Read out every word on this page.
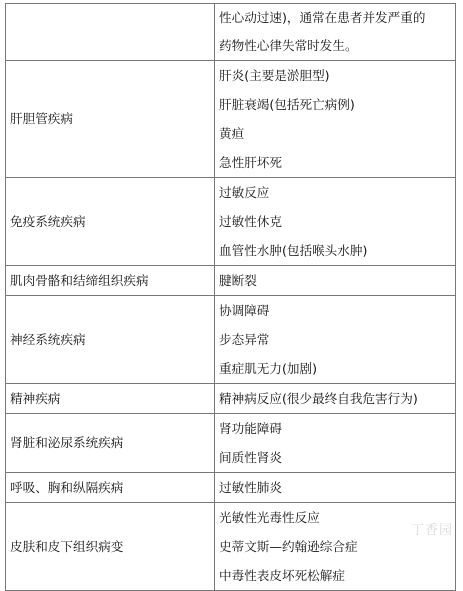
	性心动过速)，通常在患者并发严重的
药物性心律失常时发生。

肝胆管疾病	肝炎(主要是淤胆型)
肝脏衰竭(包括死亡病例)
黄疸
急性肝坏死

免疫系统疾病	过敏反应
过敏性休克
血管性水肿(包括喉头水肿)

肌肉骨骼和结缔组织疾病	腱断裂

神经系统疾病	协调障碍
步态异常
重症肌无力(加剧)

精神疾病	精神病反应(很少最终自我危害行为)

肾脏和泌尿系统疾病	肾功能障碍
间质性肾炎

呼吸、胸和纵隔疾病	过敏性肺炎

皮肤和皮下组织病变	光敏性光毒性反应
史蒂文斯—约翰逊综合症
中毒性表皮坏死松解症
丁香园
